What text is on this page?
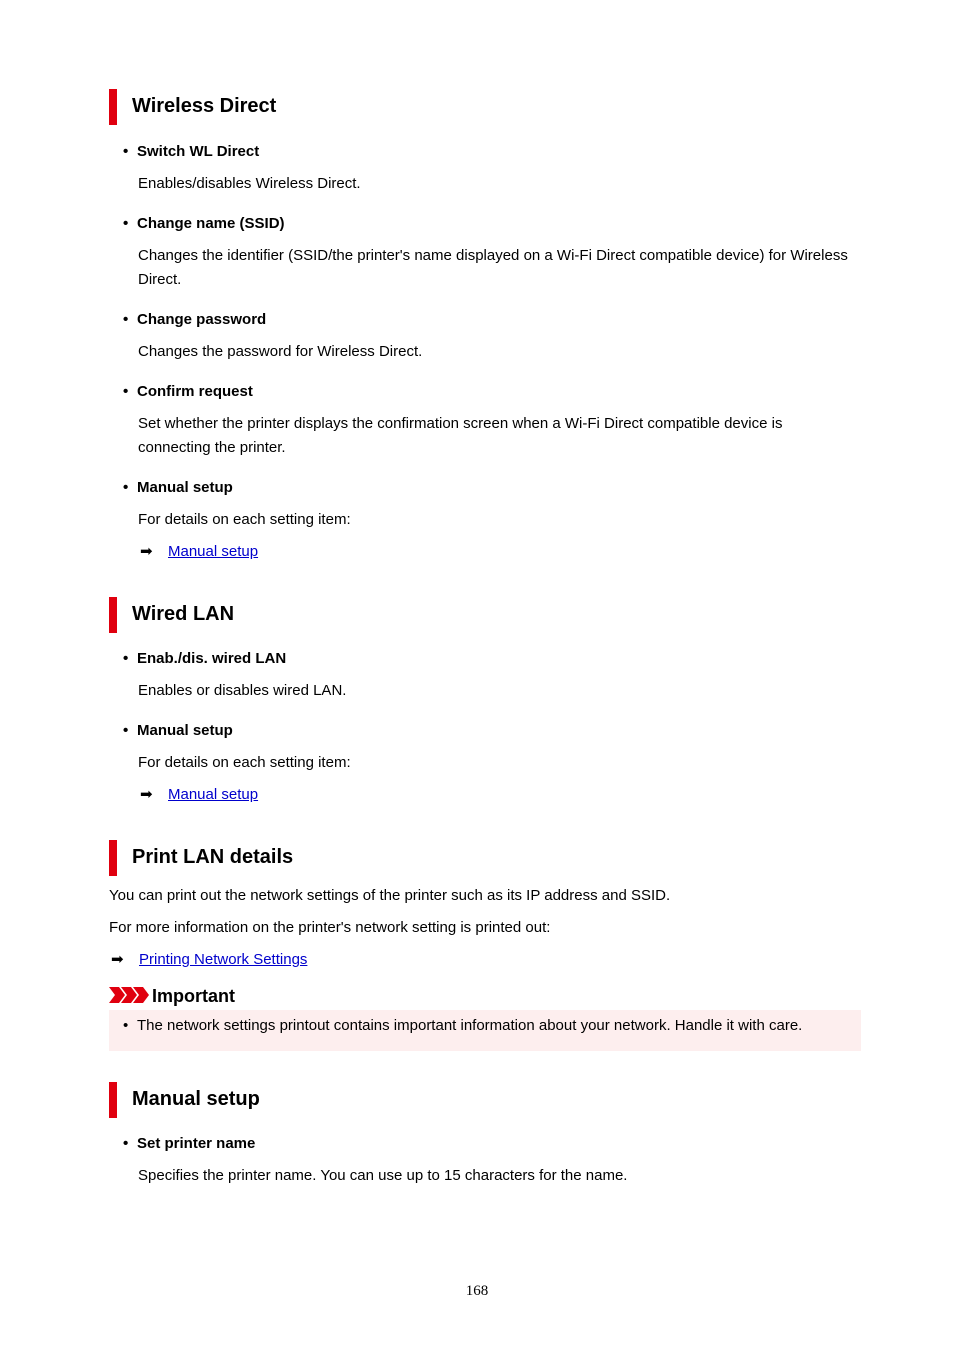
Wireless Direct
• Switch WL Direct
Enables/disables Wireless Direct.
• Change name (SSID)
Changes the identifier (SSID/the printer's name displayed on a Wi-Fi Direct compatible device) for Wireless Direct.
• Change password
Changes the password for Wireless Direct.
• Confirm request
Set whether the printer displays the confirmation screen when a Wi-Fi Direct compatible device is connecting the printer.
• Manual setup
For details on each setting item:
➡ Manual setup
Wired LAN
• Enab./dis. wired LAN
Enables or disables wired LAN.
• Manual setup
For details on each setting item:
➡ Manual setup
Print LAN details
You can print out the network settings of the printer such as its IP address and SSID.
For more information on the printer's network setting is printed out:
➡ Printing Network Settings
Important
• The network settings printout contains important information about your network. Handle it with care.
Manual setup
• Set printer name
Specifies the printer name. You can use up to 15 characters for the name.
168
